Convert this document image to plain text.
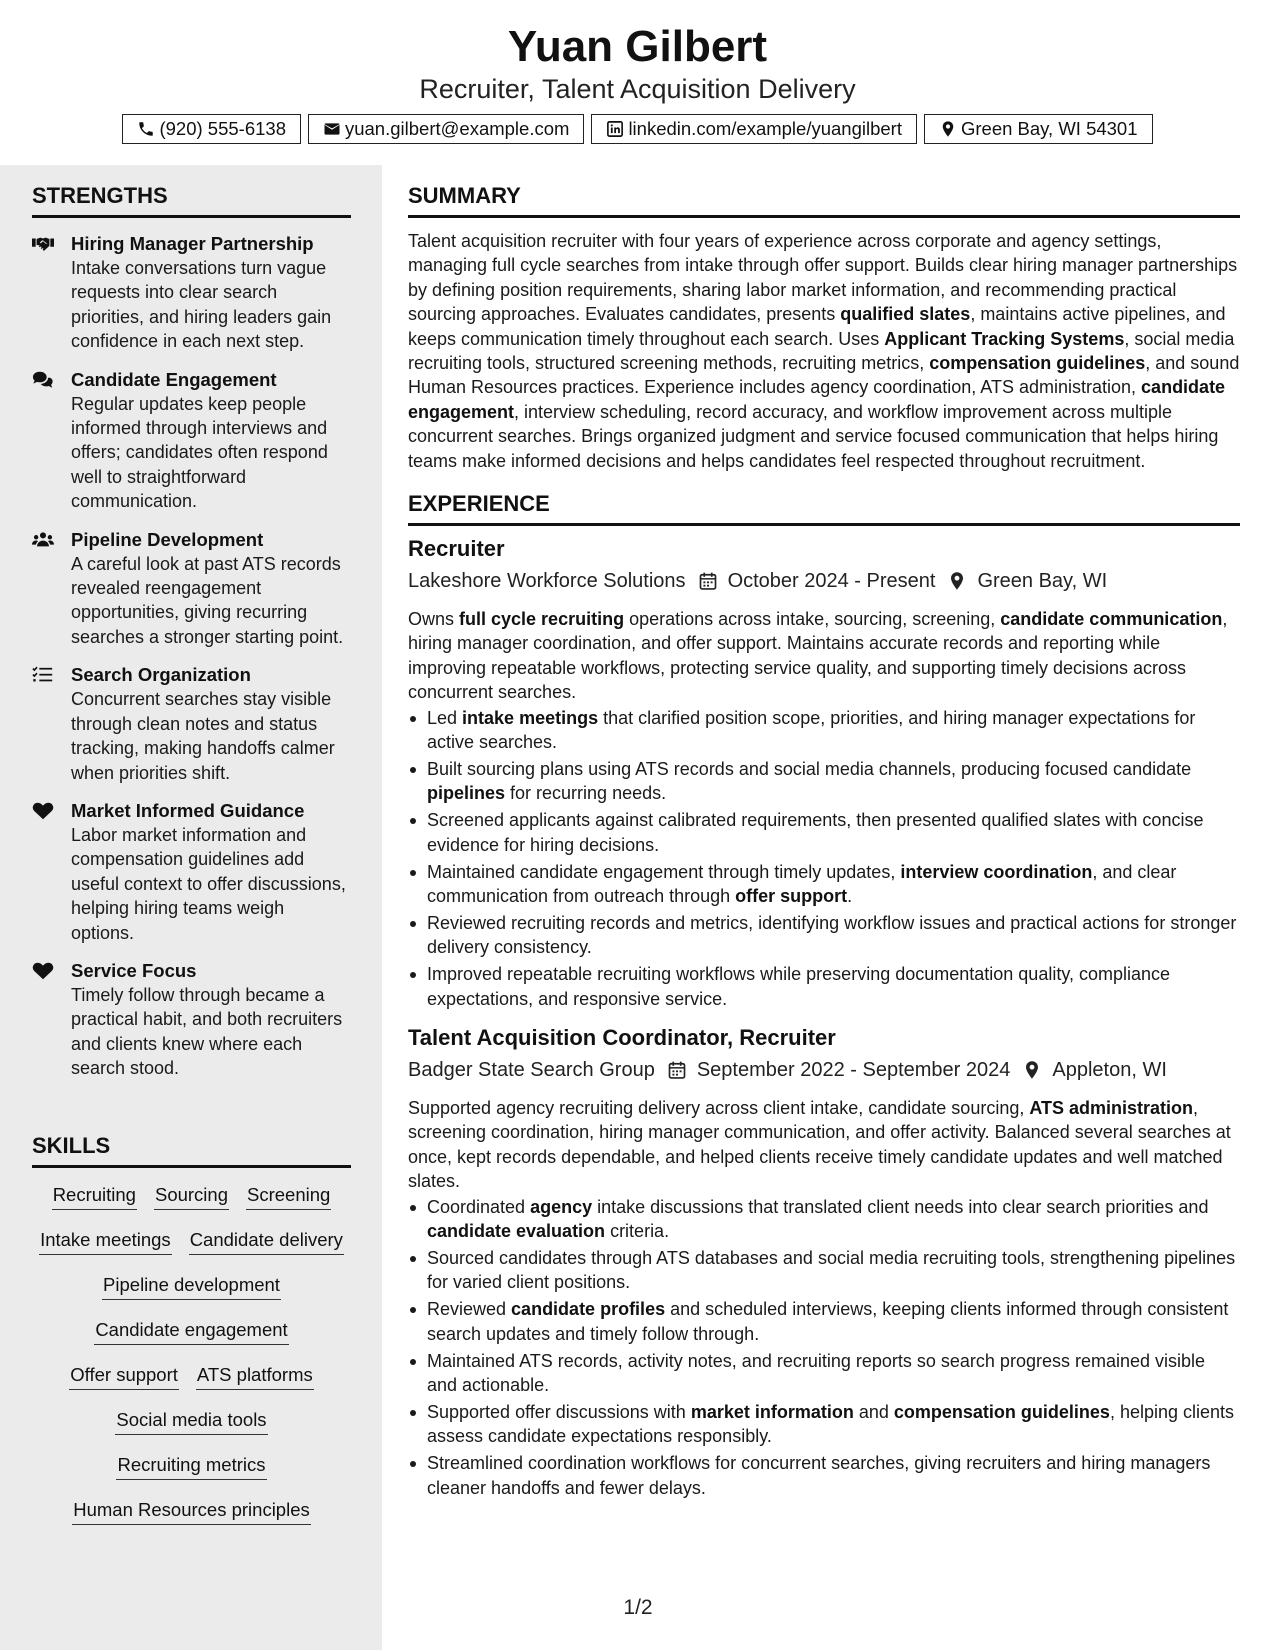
Yuan Gilbert
Recruiter, Talent Acquisition Delivery
(920) 555-6138	yuan.gilbert@example.com	linkedin.com/example/yuangilbert	Green Bay, WI 54301
STRENGTHS
Hiring Manager Partnership
Intake conversations turn vague requests into clear search priorities, and hiring leaders gain confidence in each next step.
Candidate Engagement
Regular updates keep people informed through interviews and offers; candidates often respond well to straightforward communication.
Pipeline Development
A careful look at past ATS records revealed reengagement opportunities, giving recurring searches a stronger starting point.
Search Organization
Concurrent searches stay visible through clean notes and status tracking, making handoffs calmer when priorities shift.
Market Informed Guidance
Labor market information and compensation guidelines add useful context to offer discussions, helping hiring teams weigh options.
Service Focus
Timely follow through became a practical habit, and both recruiters and clients knew where each search stood.
SKILLS
Recruiting Sourcing Screening
Intake meetings Candidate delivery
Pipeline development
Candidate engagement
Offer support ATS platforms
Social media tools
Recruiting metrics
Human Resources principles
SUMMARY

Talent acquisition recruiter with four years of experience across corporate and agency settings, managing full cycle searches from intake through offer support. Builds clear hiring manager partnerships by defining position requirements, sharing labor market information, and recommending practical sourcing approaches. Evaluates candidates, presents qualified slates, maintains active pipelines, and keeps communication timely throughout each search. Uses Applicant Tracking Systems, social media recruiting tools, structured screening methods, recruiting metrics, compensation guidelines, and sound Human Resources practices. Experience includes agency coordination, ATS administration, candidate engagement, interview scheduling, record accuracy, and workflow improvement across multiple concurrent searches. Brings organized judgment and service focused communication that helps hiring teams make informed decisions and helps candidates feel respected throughout recruitment.

EXPERIENCE
Recruiter
Lakeshore Workforce Solutions October 2024 - Present Green Bay, WI

Owns full cycle recruiting operations across intake, sourcing, screening, candidate communication, hiring manager coordination, and offer support. Maintains accurate records and reporting while improving repeatable workflows, protecting service quality, and supporting timely decisions across concurrent searches.

Led intake meetings that clarified position scope, priorities, and hiring manager expectations for active searches.
Built sourcing plans using ATS records and social media channels, producing focused candidate pipelines for recurring needs.
Screened applicants against calibrated requirements, then presented qualified slates with concise evidence for hiring decisions.
Maintained candidate engagement through timely updates, interview coordination, and clear communication from outreach through offer support.
Reviewed recruiting records and metrics, identifying workflow issues and practical actions for stronger delivery consistency.
Improved repeatable recruiting workflows while preserving documentation quality, compliance expectations, and responsive service.
Talent Acquisition Coordinator, Recruiter
Badger State Search Group September 2022 - September 2024 Appleton, WI

Supported agency recruiting delivery across client intake, candidate sourcing, ATS administration, screening coordination, hiring manager communication, and offer activity. Balanced several searches at once, kept records dependable, and helped clients receive timely candidate updates and well matched slates.

Coordinated agency intake discussions that translated client needs into clear search priorities and candidate evaluation criteria.
Sourced candidates through ATS databases and social media recruiting tools, strengthening pipelines for varied client positions.
Reviewed candidate profiles and scheduled interviews, keeping clients informed through consistent search updates and timely follow through.
Maintained ATS records, activity notes, and recruiting reports so search progress remained visible and actionable.
Supported offer discussions with market information and compensation guidelines, helping clients assess candidate expectations responsibly.
Streamlined coordination workflows for concurrent searches, giving recruiters and hiring managers cleaner handoffs and fewer delays.
1/2
